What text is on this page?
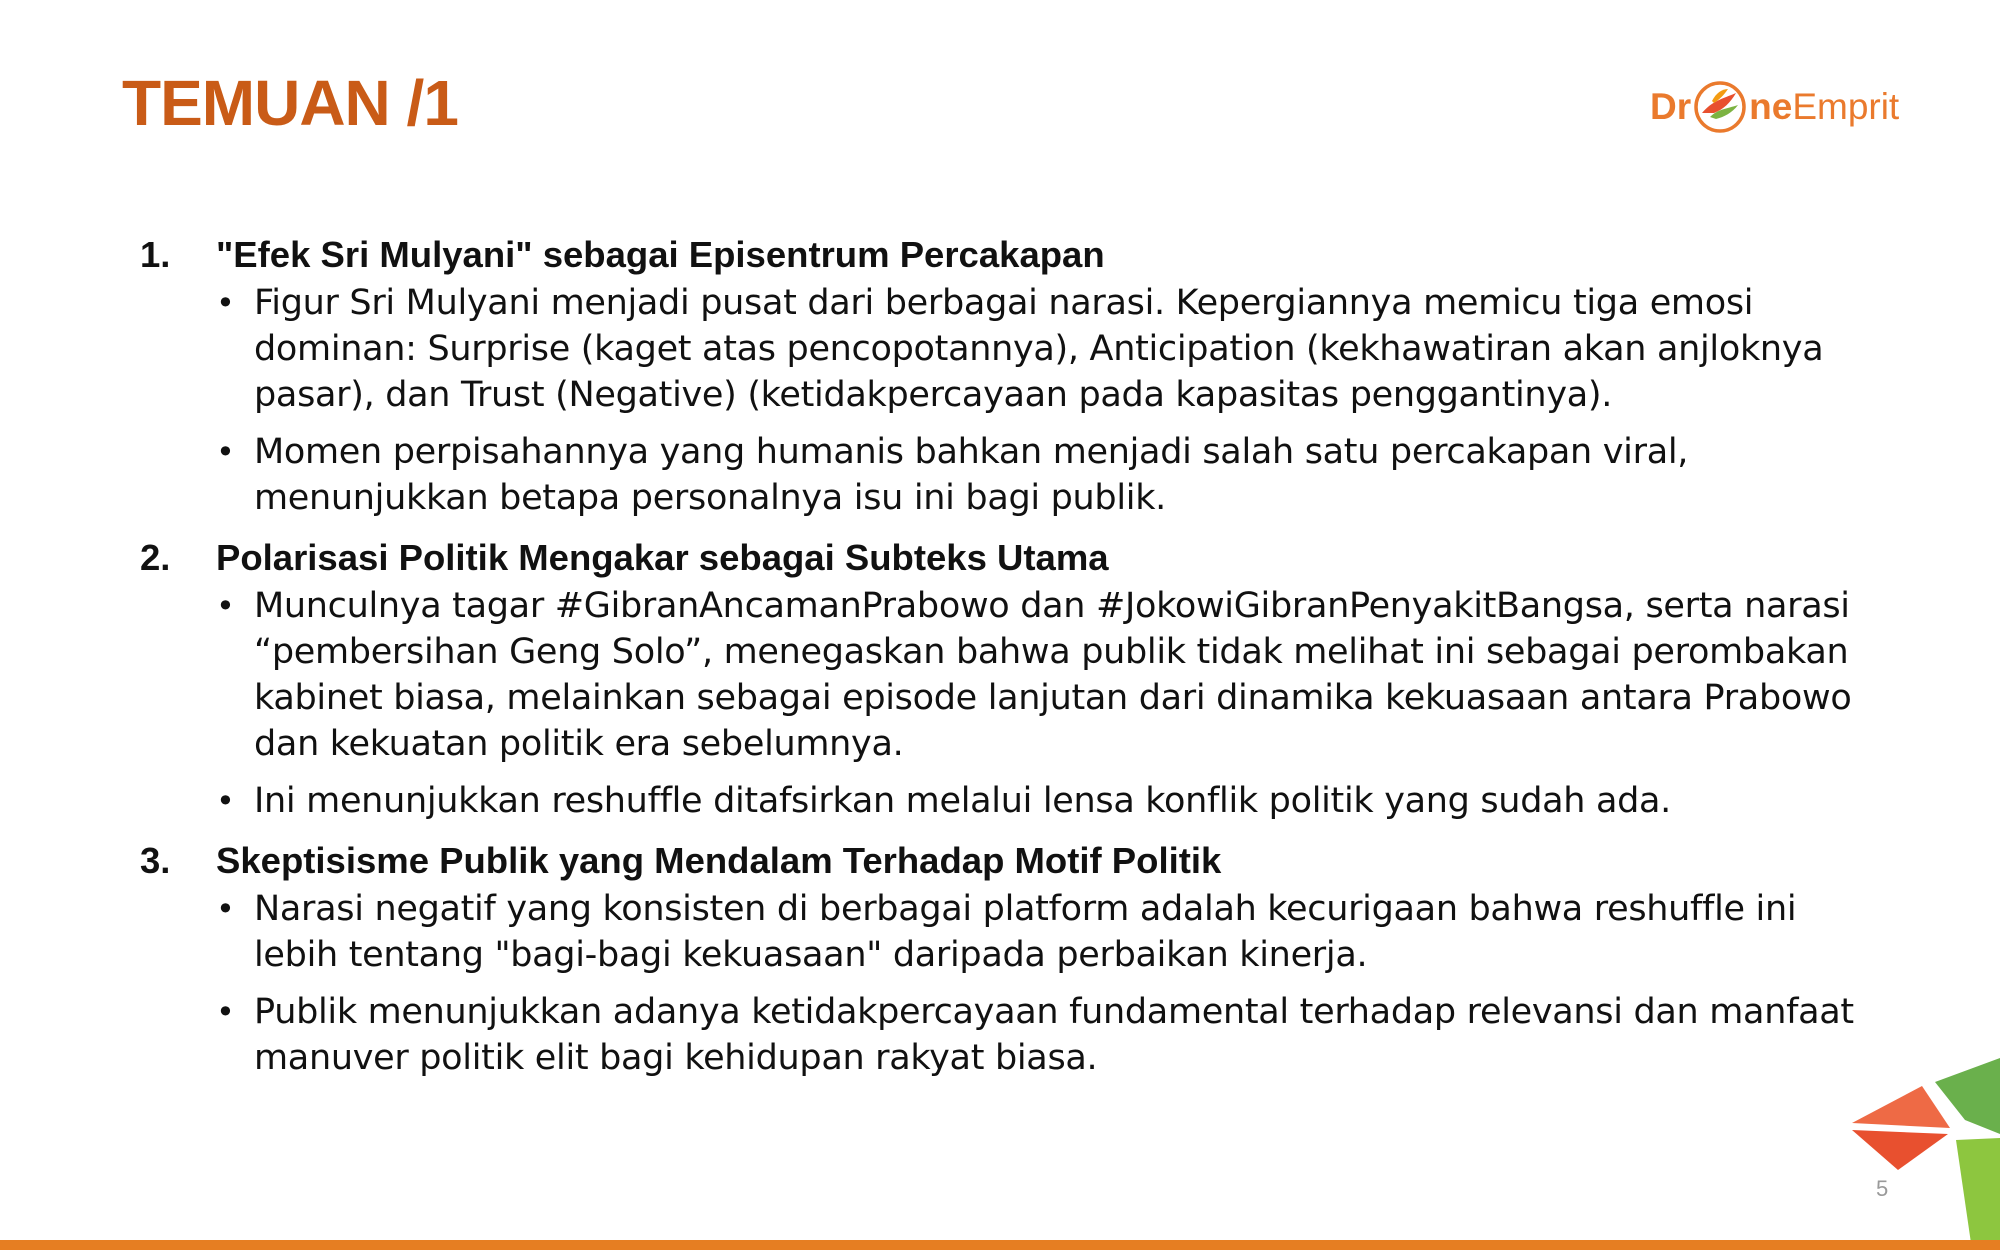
TEMUAN /1	Dr ne Emprit
1.	"Efek Sri Mulyani" sebagai Episentrum Percakapan
• Figur Sri Mulyani menjadi pusat dari berbagai narasi. Kepergiannya memicu tiga emosi dominan: Surprise (kaget atas pencopotannya), Anticipation (kekhawatiran akan anjloknya pasar), dan Trust (Negative) (ketidakpercayaan pada kapasitas penggantinya).
• Momen perpisahannya yang humanis bahkan menjadi salah satu percakapan viral, menunjukkan betapa personalnya isu ini bagi publik.
2.	Polarisasi Politik Mengakar sebagai Subteks Utama
• Munculnya tagar #GibranAncamanPrabowo dan #JokowiGibranPenyakitBangsa, serta narasi “pembersihan Geng Solo”, menegaskan bahwa publik tidak melihat ini sebagai perombakan kabinet biasa, melainkan sebagai episode lanjutan dari dinamika kekuasaan antara Prabowo dan kekuatan politik era sebelumnya.
• Ini menunjukkan reshuffle ditafsirkan melalui lensa konflik politik yang sudah ada.
3.	Skeptisisme Publik yang Mendalam Terhadap Motif Politik
• Narasi negatif yang konsisten di berbagai platform adalah kecurigaan bahwa reshuffle ini lebih tentang "bagi-bagi kekuasaan" daripada perbaikan kinerja.
• Publik menunjukkan adanya ketidakpercayaan fundamental terhadap relevansi dan manfaat manuver politik elit bagi kehidupan rakyat biasa.
5
